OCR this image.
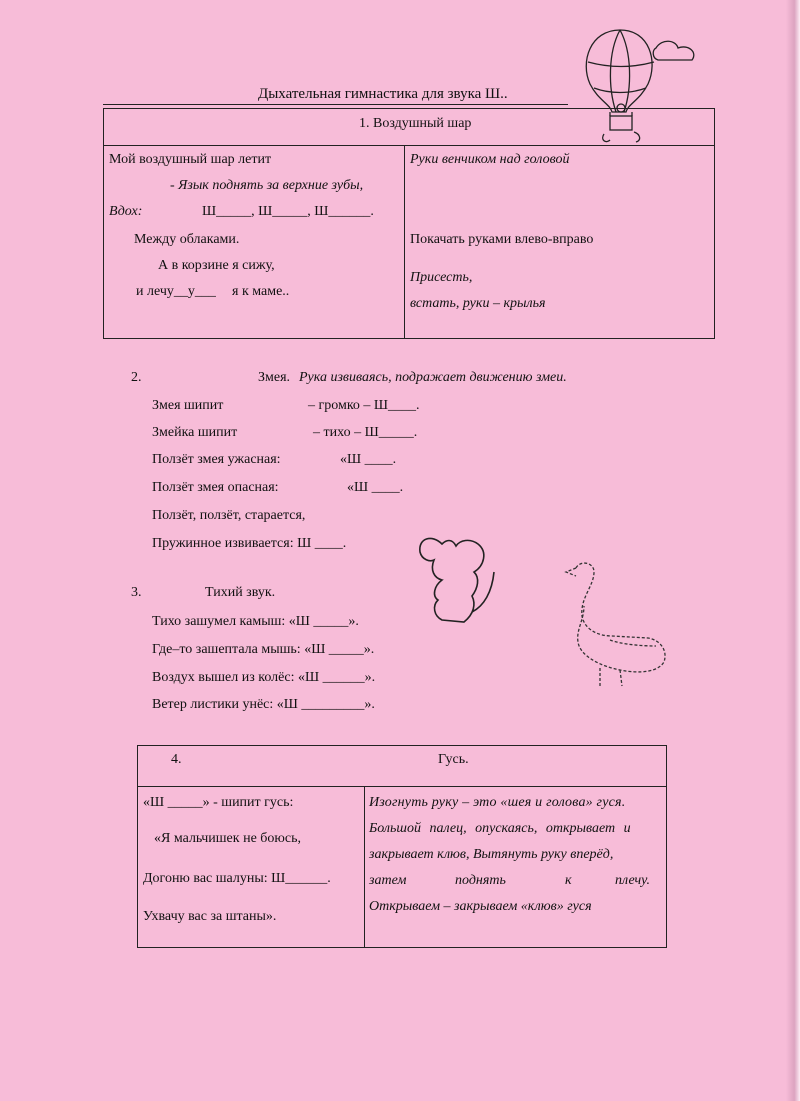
Дыхательная гимнастика для звука Ш..
1. Воздушный шар

Мой воздушный шар летит
- Язык поднять за верхние зубы,
Вдох:	Ш_____, Ш_____, Ш______.
Между облаками.
А в корзине я сижу,
и лечу__у___ я к маме..

Руки венчиком над головой
Покачать руками влево-вправо
Присесть,
встать, руки – крылья
2.	Змея. Рука извиваясь, подражает движению змеи.
Змея шипит	– громко – Ш____.
Змейка шипит	– тихо – Ш_____.
Ползёт змея ужасная:	«Ш ____.
Ползёт змея опасная:	«Ш ____.
Ползёт, ползёт, старается,
Пружинное извивается: Ш ____.
3.	Тихий звук.
Тихо зашумел камыш: «Ш _____».
Где–то зашептала мышь: «Ш _____».
Воздух вышел из колёс: «Ш ______».
Ветер листики унёс: «Ш _________».
4.	Гусь.

«Ш _____» - шипит гусь:
«Я мальчишек не боюсь,
Догоню вас шалуны: Ш______.
Ухвачу вас за штаны».

Изогнуть руку – это «шея и голова» гуся.
Большой палец, опускаясь, открывает и
закрывает клюв, Вытянуть руку вперёд,
затем	поднять	к	плечу.
Открываем – закрываем «клюв» гуся
